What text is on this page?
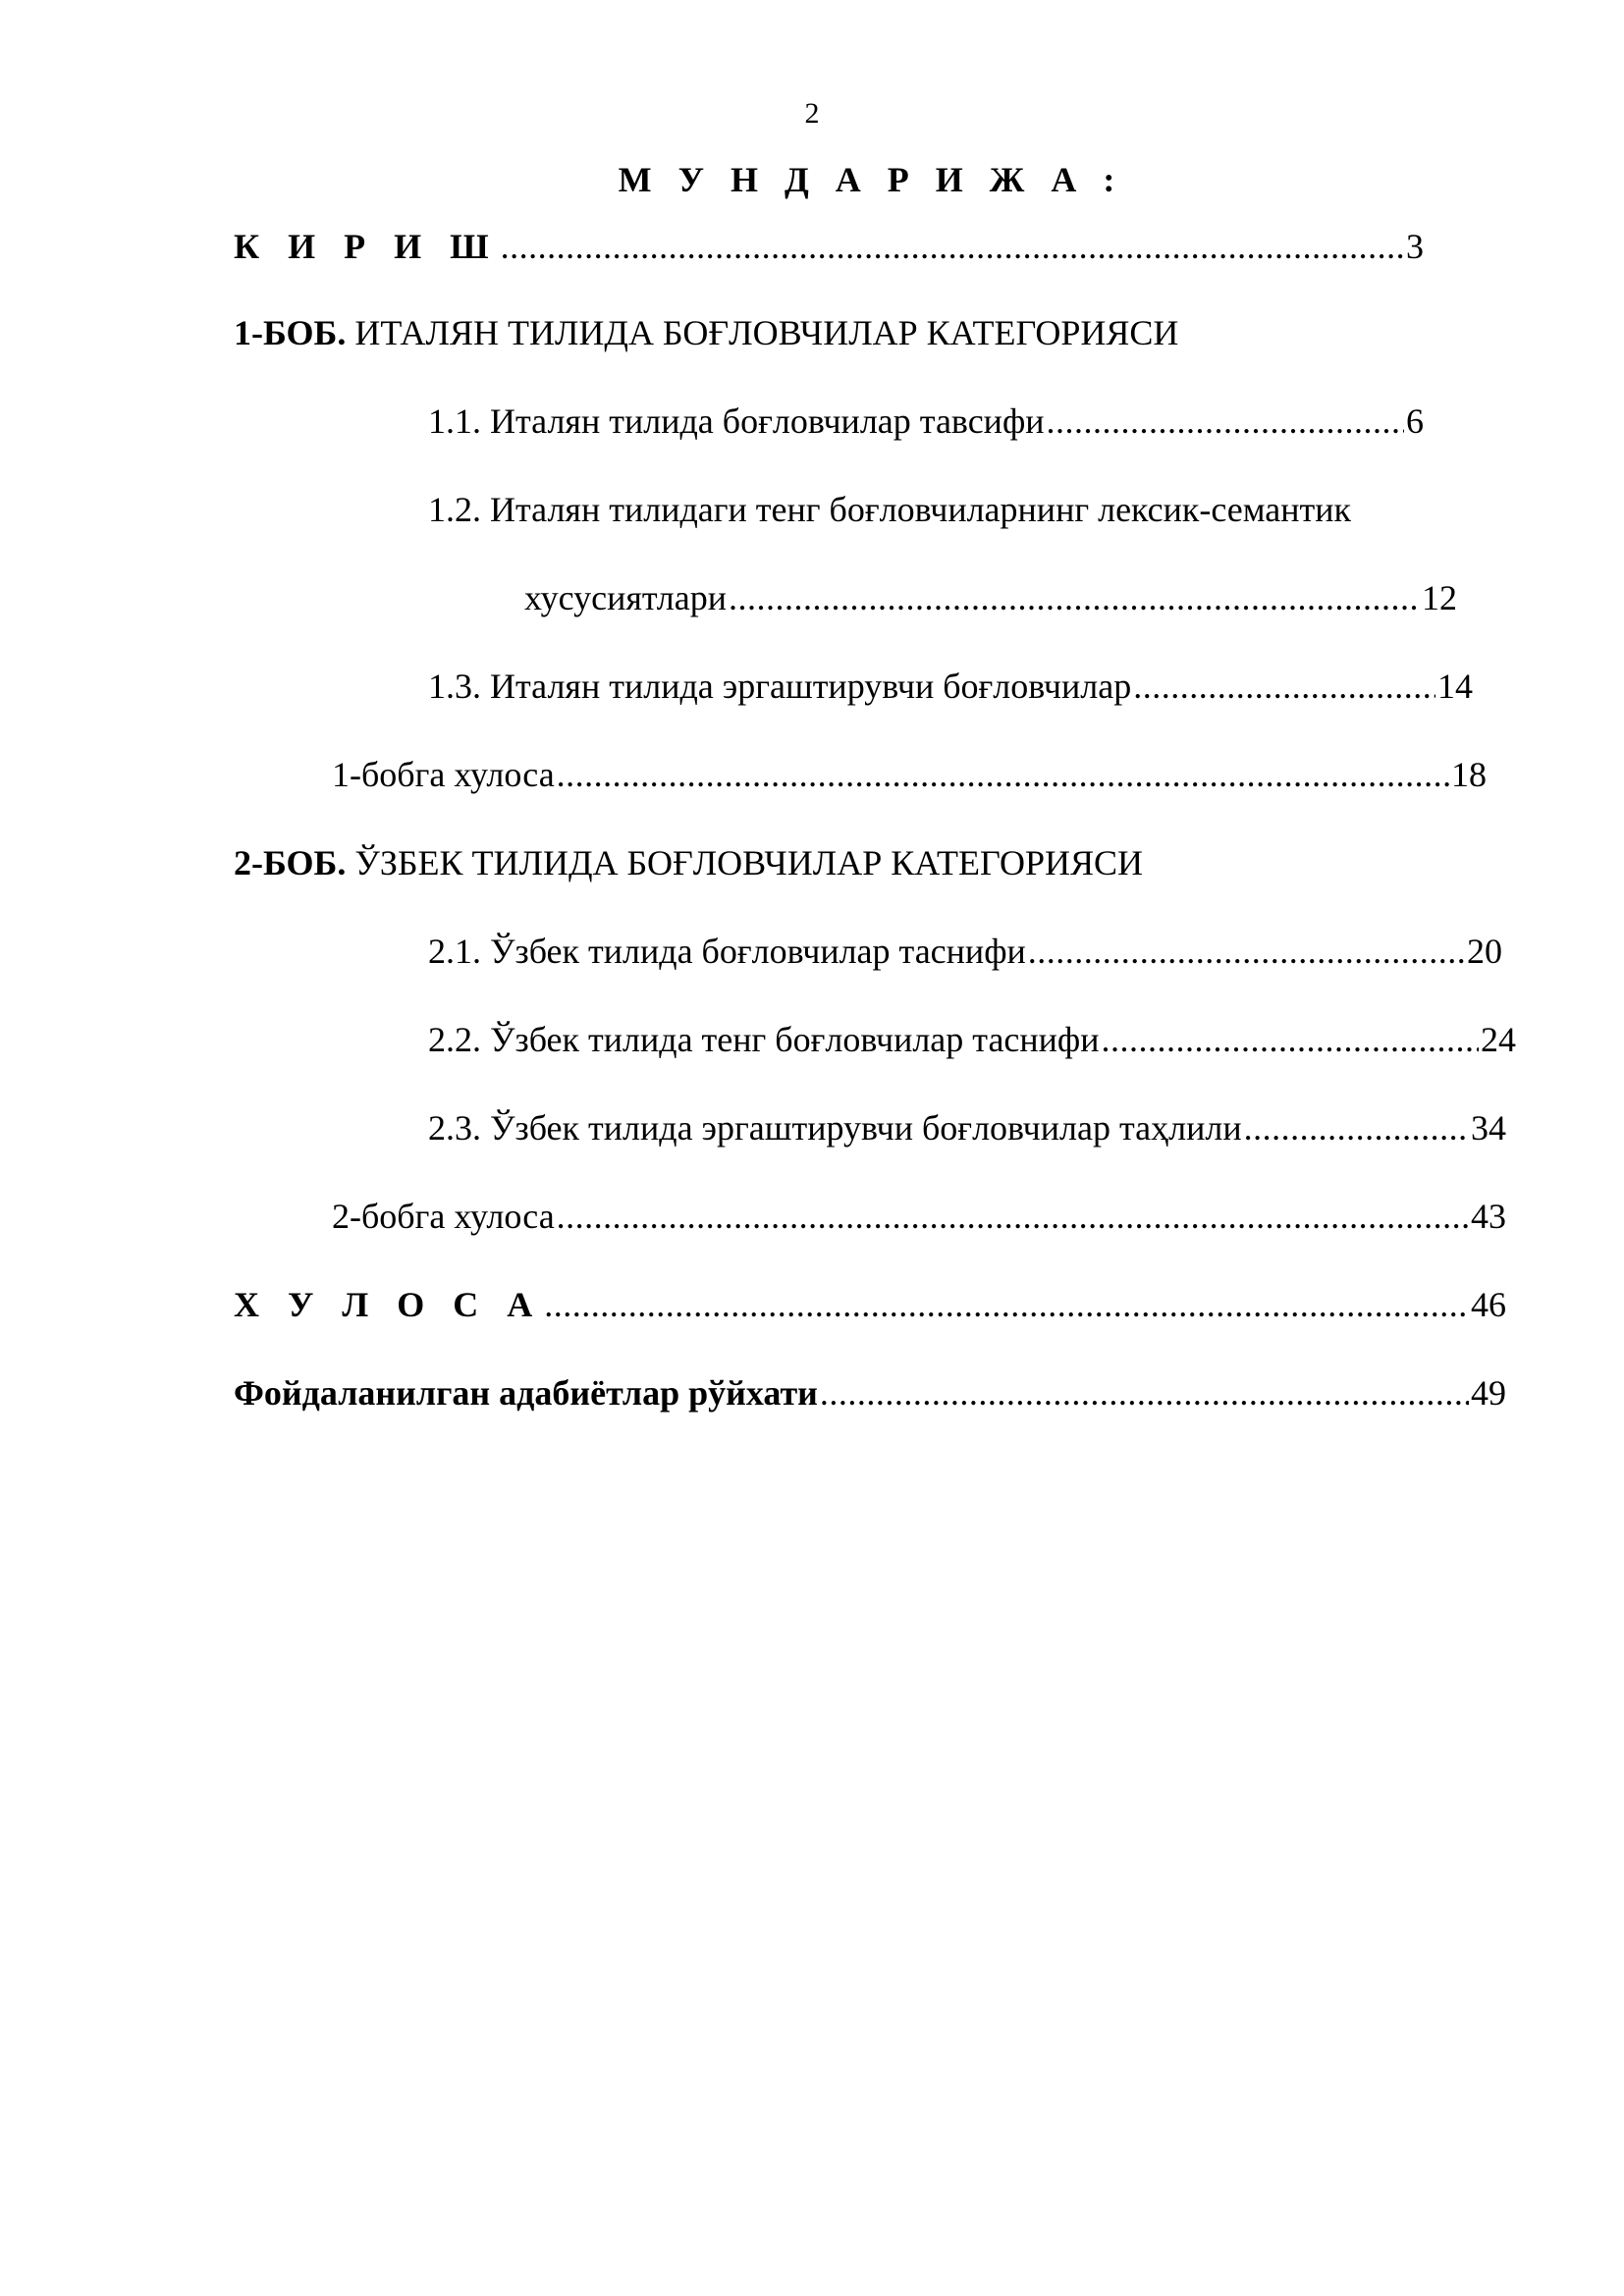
2
М У Н Д А Р И Ж А :
К И Р И Ш .....	3
1-БОБ. ИТАЛЯН ТИЛИДА БОҒЛОВЧИЛАР КАТЕГОРИЯСИ
1.1. Италян тилида боғловчилар тавсифи .....	6
1.2. Италян тилидаги тенг боғловчиларнинг лексик-семантик
хусусиятлари .....	12
1.3. Италян тилида эргаштирувчи боғловчилар .....	14
1-бобга хулоса .....	18
2-БОБ. ЎЗБЕК ТИЛИДА БОҒЛОВЧИЛАР КАТЕГОРИЯСИ
2.1. Ўзбек тилида боғловчилар таснифи .....	20
2.2. Ўзбек тилида тенг боғловчилар таснифи .....	24
2.3. Ўзбек тилида эргаштирувчи боғловчилар таҳлили .....	34
2-бобга хулоса .....	43
Х У Л О С А .....	46
Фойдаланилган адабиётлар рўйхати .....	49
